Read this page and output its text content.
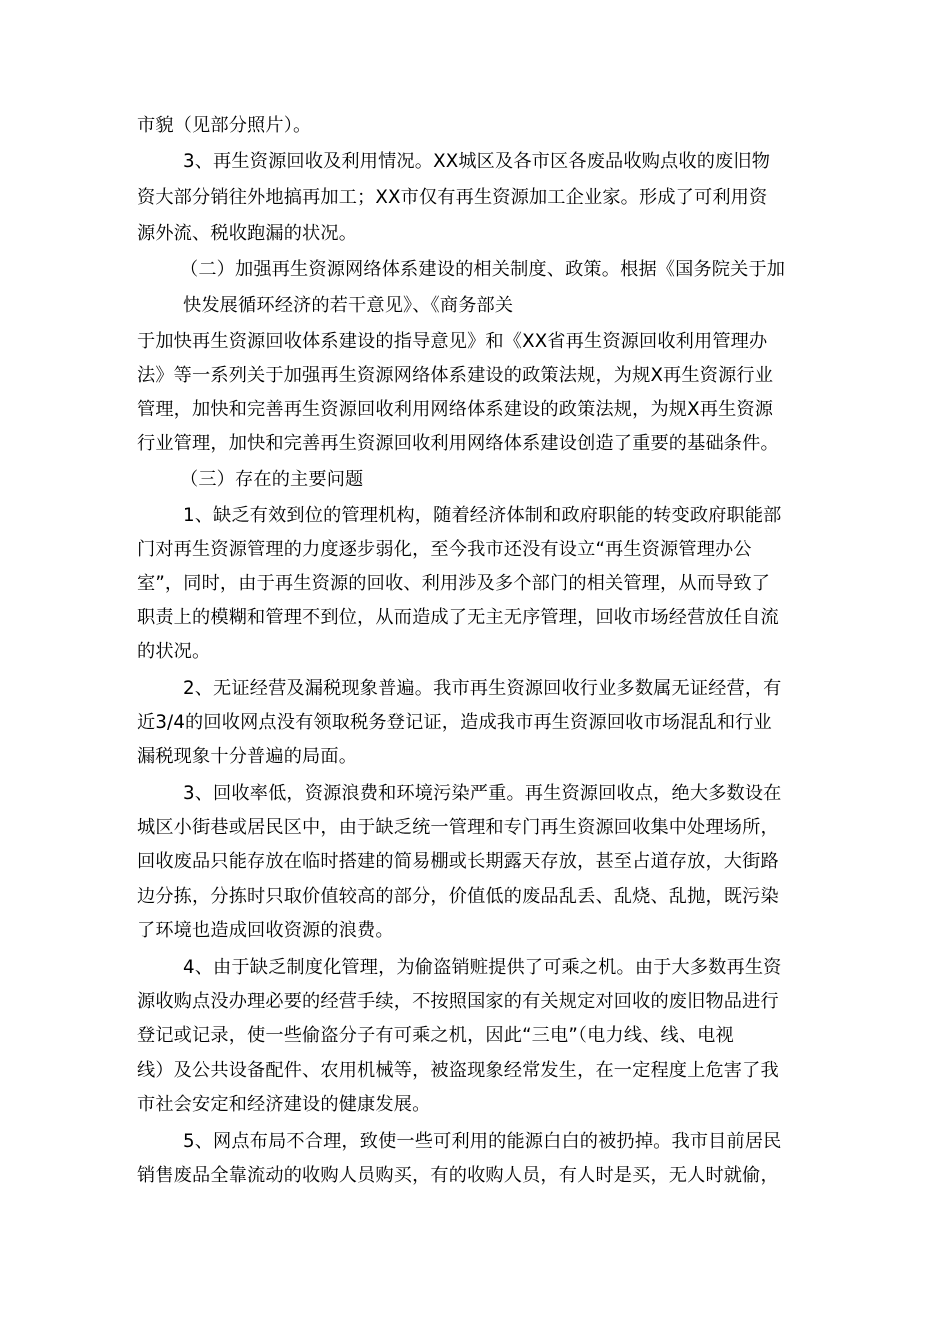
市貌（见部分照片）。
3、再生资源回收及利用情况。XX城区及各市区各废品收购点收的废旧物
资大部分销往外地搞再加工；XX市仅有再生资源加工企业家。形成了可利用资
源外流、税收跑漏的状况。
（二）加强再生资源网络体系建设的相关制度、政策。根据《国务院关于加
快发展循环经济的若干意见》、《商务部关
于加快再生资源回收体系建设的指导意见》和《XX省再生资源回收利用管理办
法》等一系列关于加强再生资源网络体系建设的政策法规，为规X再生资源行业
管理，加快和完善再生资源回收利用网络体系建设的政策法规，为规X再生资源
行业管理，加快和完善再生资源回收利用网络体系建设创造了重要的基础条件。
（三）存在的主要问题
1、缺乏有效到位的管理机构，随着经济体制和政府职能的转变政府职能部
门对再生资源管理的力度逐步弱化，至今我市还没有设立“再生资源管理办公
室”，同时，由于再生资源的回收、利用涉及多个部门的相关管理，从而导致了
职责上的模糊和管理不到位，从而造成了无主无序管理，回收市场经营放任自流
的状况。
2、无证经营及漏税现象普遍。我市再生资源回收行业多数属无证经营，有
近3/4的回收网点没有领取税务登记证，造成我市再生资源回收市场混乱和行业
漏税现象十分普遍的局面。
3、回收率低，资源浪费和环境污染严重。再生资源回收点，绝大多数设在
城区小街巷或居民区中，由于缺乏统一管理和专门再生资源回收集中处理场所，
回收废品只能存放在临时搭建的简易棚或长期露天存放，甚至占道存放，大街路
边分拣，分拣时只取价值较高的部分，价值低的废品乱丢、乱烧、乱抛，既污染
了环境也造成回收资源的浪费。
4、由于缺乏制度化管理，为偷盗销赃提供了可乘之机。由于大多数再生资
源收购点没办理必要的经营手续，不按照国家的有关规定对回收的废旧物品进行
登记或记录，使一些偷盗分子有可乘之机，因此“三电”（电力线、线、电视
线）及公共设备配件、农用机械等，被盗现象经常发生，在一定程度上危害了我
市社会安定和经济建设的健康发展。
5、网点布局不合理，致使一些可利用的能源白白的被扔掉。我市目前居民
销售废品全靠流动的收购人员购买，有的收购人员，有人时是买，无人时就偷，
